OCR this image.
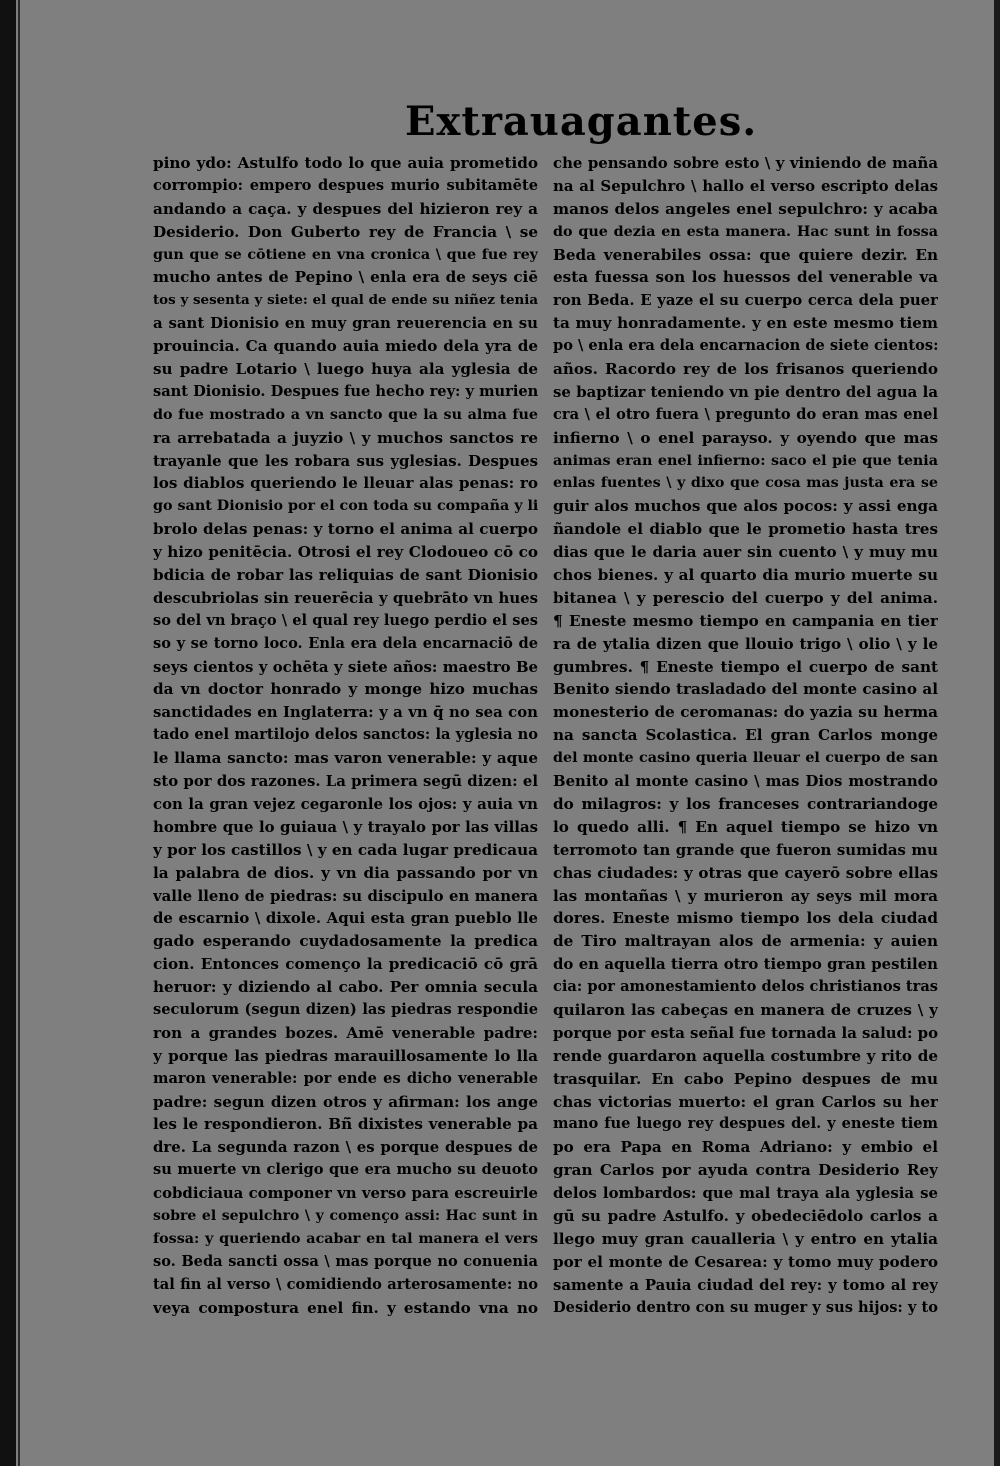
Extrauagantes.
pino ydo: Astulfo todo lo que auia prometido
corrompio: empero despues murio subitamēte
andando a caça. y despues del hizieron rey a
Desiderio. Don Guberto rey de Francia \ se
gun que se cōtiene en vna cronica \ que fue rey
mucho antes de Pepino \ enla era de seys ciē
tos y sesenta y siete: el qual de ende su niñez tenia
a sant Dionisio en muy gran reuerencia en su
prouincia. Ca quando auia miedo dela yra de
su padre Lotario \ luego huya ala yglesia de
sant Dionisio. Despues fue hecho rey: y murien
do fue mostrado a vn sancto que la su alma fue
ra arrebatada a juyzio \ y muchos sanctos re
trayanle que les robara sus yglesias. Despues
los diablos queriendo le lleuar alas penas: ro
go sant Dionisio por el con toda su compaña y li
brolo delas penas: y torno el anima al cuerpo
y hizo penitēcia. Otrosi el rey Clodoueo cō co
bdicia de robar las reliquias de sant Dionisio
descubriolas sin reuerēcia y quebrāto vn hues
so del vn braço \ el qual rey luego perdio el ses
so y se torno loco. Enla era dela encarnaciō de
seys cientos y ochēta y siete años: maestro Be
da vn doctor honrado y monge hizo muchas
sanctidades en Inglaterra: y a vn q̄ no sea con
tado enel martilojo delos sanctos: la yglesia no
le llama sancto: mas varon venerable: y aque
sto por dos razones. La primera segū dizen: el
con la gran vejez cegaronle los ojos: y auia vn
hombre que lo guiaua \ y trayalo por las villas
y por los castillos \ y en cada lugar predicaua
la palabra de dios. y vn dia passando por vn
valle lleno de piedras: su discipulo en manera
de escarnio \ dixole. Aqui esta gran pueblo lle
gado esperando cuydadosamente la predica
cion. Entonces començo la predicaciō cō grā
heruor: y diziendo al cabo. Per omnia secula
seculorum (segun dizen) las piedras respondie
ron a grandes bozes. Amē venerable padre:
y porque las piedras marauillosamente lo lla
maron venerable: por ende es dicho venerable
padre: segun dizen otros y afirman: los ange
les le respondieron. Bñ̄ dixistes venerable pa
dre. La segunda razon \ es porque despues de
su muerte vn clerigo que era mucho su deuoto
cobdiciaua componer vn verso para escreuirle
sobre el sepulchro \ y començo assi: Hac sunt in
fossa: y queriendo acabar en tal manera el vers
so. Beda sancti ossa \ mas porque no conuenia
tal fin al verso \ comidiendo arterosamente: no
veya compostura enel fin. y estando vna no
che pensando sobre esto \ y viniendo de maña
na al Sepulchro \ hallo el verso escripto delas
manos delos angeles enel sepulchro: y acaba
do que dezia en esta manera. Hac sunt in fossa
Beda venerabiles ossa: que quiere dezir. En
esta fuessa son los huessos del venerable va
ron Beda. E yaze el su cuerpo cerca dela puer
ta muy honradamente. y en este mesmo tiem
po \ enla era dela encarnacion de siete cientos:
años. Racordo rey de los frisanos queriendo
se baptizar teniendo vn pie dentro del agua la
cra \ el otro fuera \ pregunto do eran mas enel
infierno \ o enel parayso. y oyendo que mas
animas eran enel infierno: saco el pie que tenia
enlas fuentes \ y dixo que cosa mas justa era se
guir alos muchos que alos pocos: y assi enga
ñandole el diablo que le prometio hasta tres
dias que le daria auer sin cuento \ y muy mu
chos bienes. y al quarto dia murio muerte su
bitanea \ y perescio del cuerpo y del anima.
¶ Eneste mesmo tiempo en campania en tier
ra de ytalia dizen que llouio trigo \ olio \ y le
gumbres. ¶ Eneste tiempo el cuerpo de sant
Benito siendo trasladado del monte casino al
monesterio de ceromanas: do yazia su herma
na sancta Scolastica. El gran Carlos monge
del monte casino queria lleuar el cuerpo de san
Benito al monte casino \ mas Dios mostrando
do milagros: y los franceses contrariandoge
lo quedo alli. ¶ En aquel tiempo se hizo vn
terromoto tan grande que fueron sumidas mu
chas ciudades: y otras que cayerō sobre ellas
las montañas \ y murieron ay seys mil mora
dores. Eneste mismo tiempo los dela ciudad
de Tiro maltrayan alos de armenia: y auien
do en aquella tierra otro tiempo gran pestilen
cia: por amonestamiento delos christianos tras
quilaron las cabeças en manera de cruzes \ y
porque por esta señal fue tornada la salud: po
rende guardaron aquella costumbre y rito de
trasquilar. En cabo Pepino despues de mu
chas victorias muerto: el gran Carlos su her
mano fue luego rey despues del. y eneste tiem
po era Papa en Roma Adriano: y embio el
gran Carlos por ayuda contra Desiderio Rey
delos lombardos: que mal traya ala yglesia se
gū su padre Astulfo. y obedeciēdolo carlos a
llego muy gran caualleria \ y entro en ytalia
por el monte de Cesarea: y tomo muy podero
samente a Pauia ciudad del rey: y tomo al rey
Desiderio dentro con su muger y sus hijos: y to
